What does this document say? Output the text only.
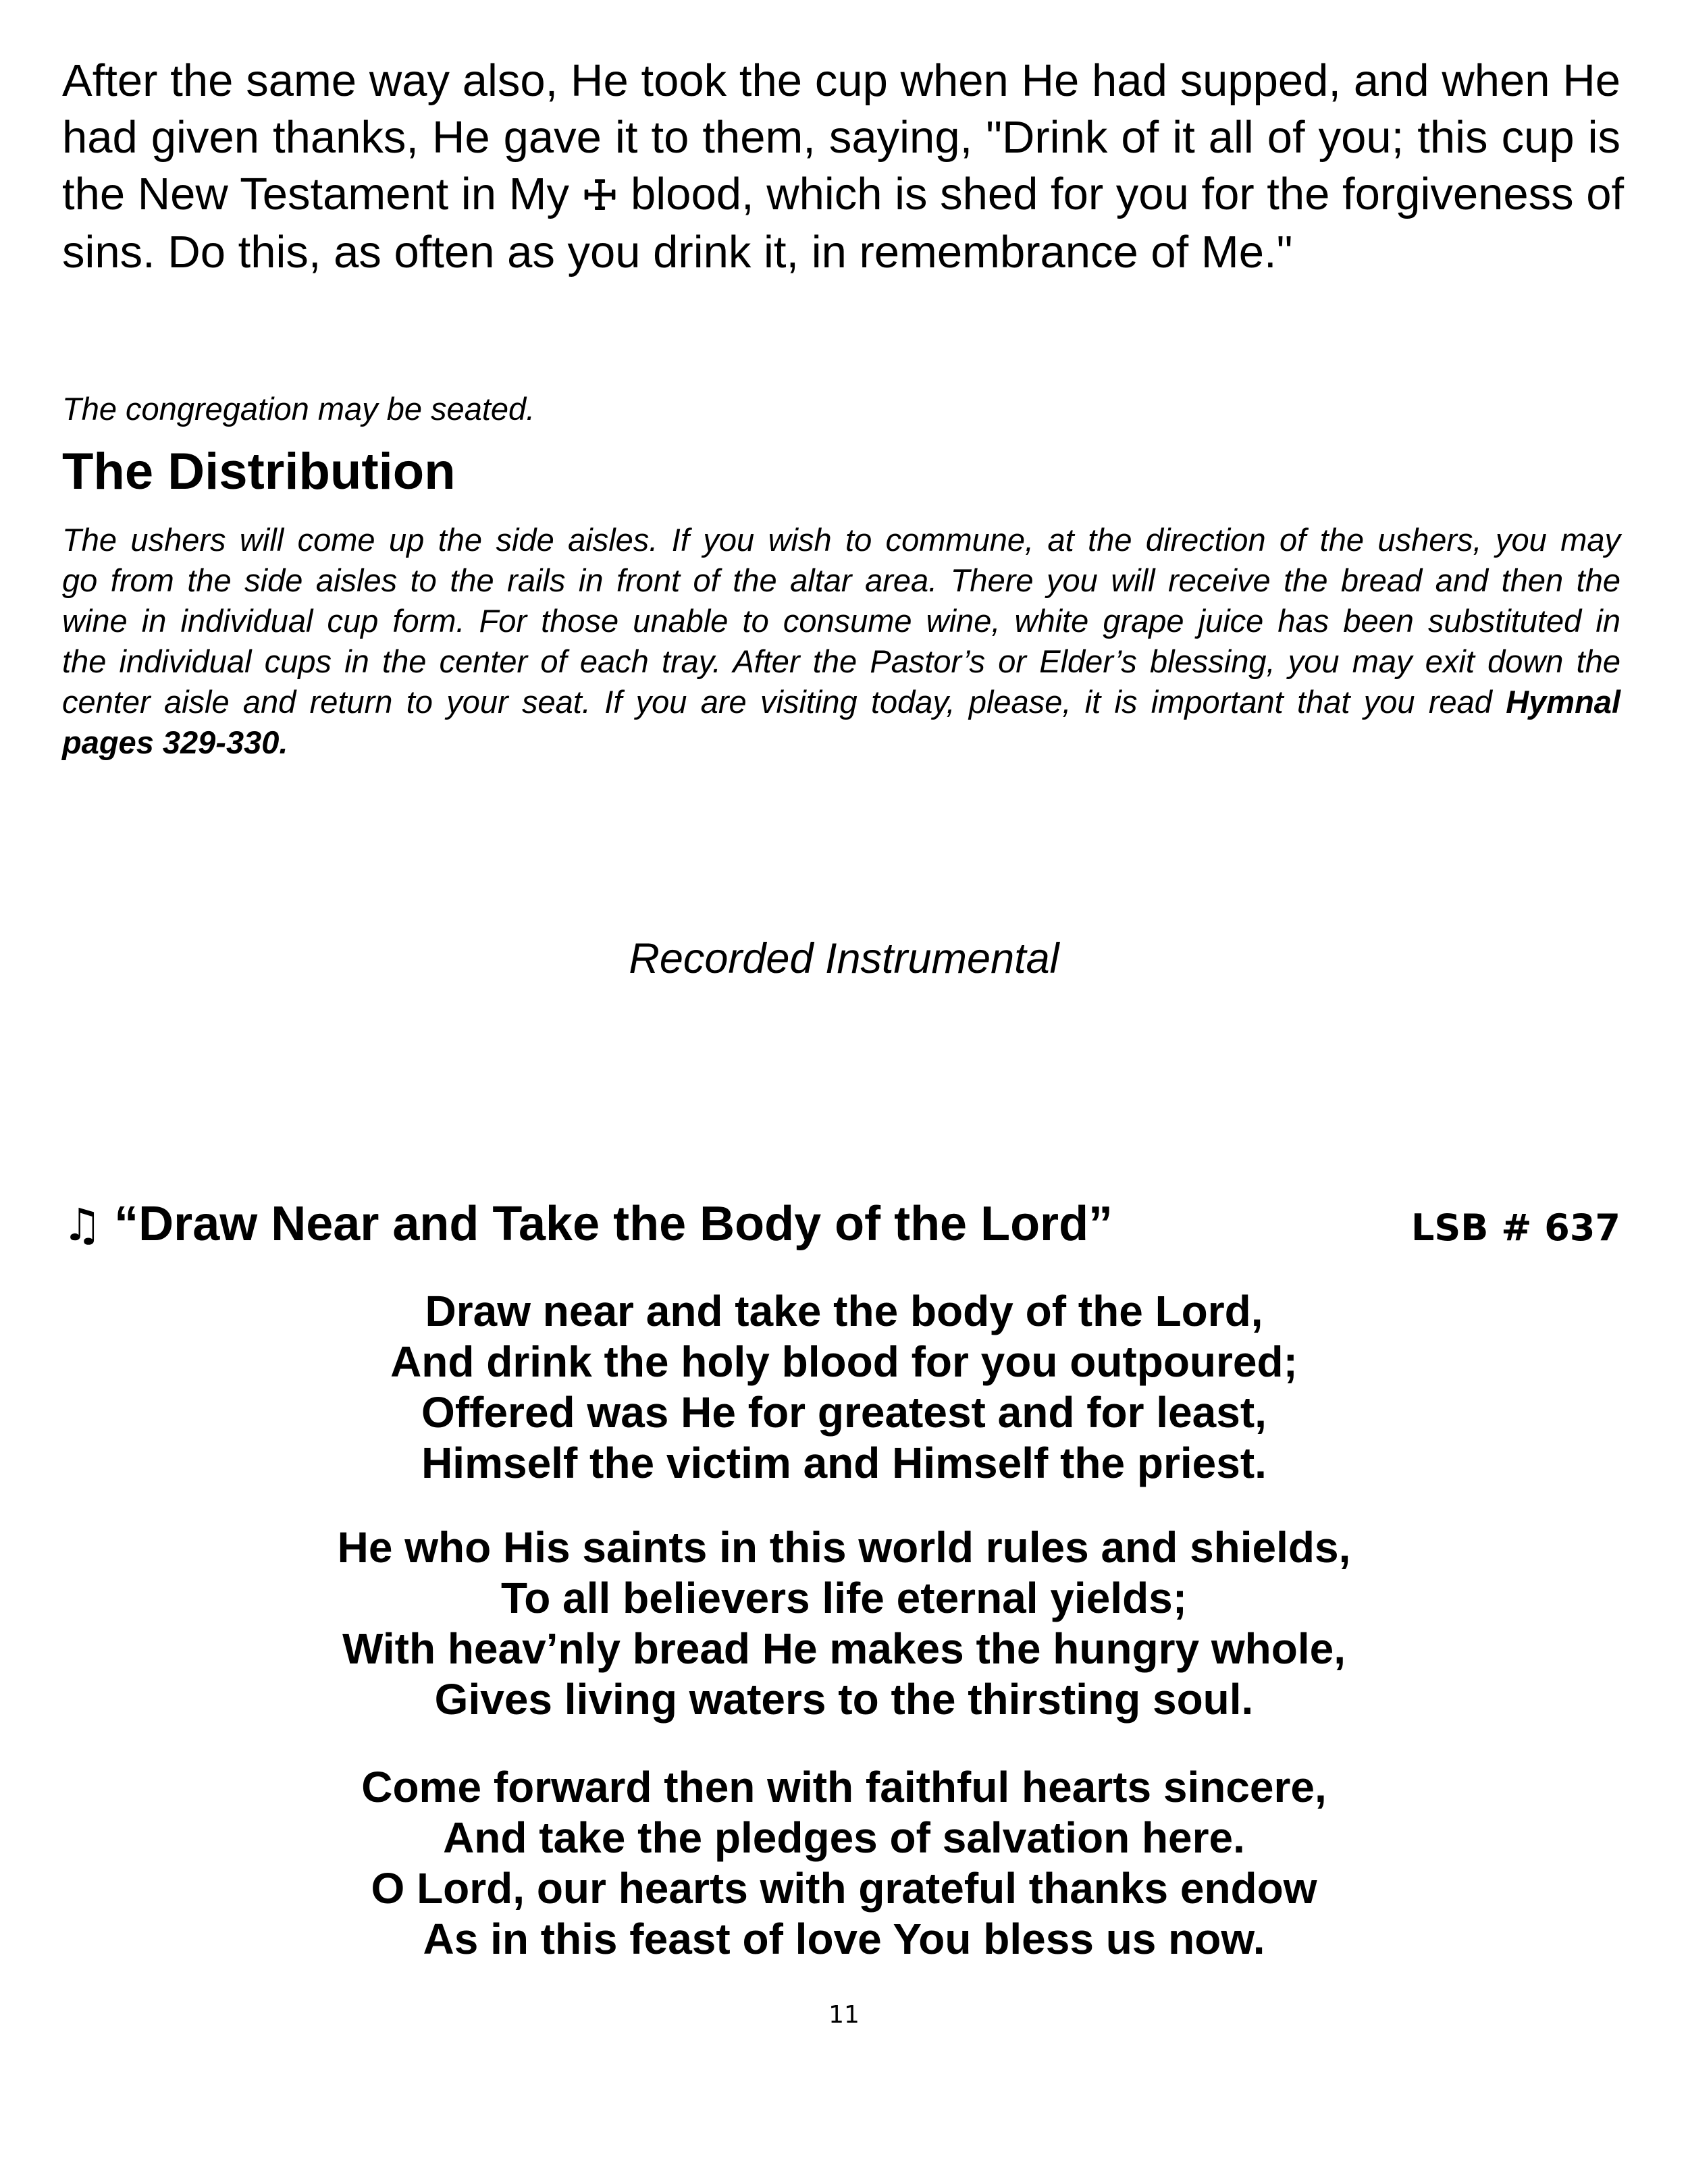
After the same way also, He took the cup when He had supped, and when He
had given thanks, He gave it to them, saying, "Drink of it all of you; this cup is
the New Testament in My ☩ blood, which is shed for you for the forgiveness of
sins. Do this, as often as you drink it, in remembrance of Me."
The congregation may be seated.
The Distribution
The ushers will come up the side aisles. If you wish to commune, at the direction of the ushers, you may
go from the side aisles to the rails in front of the altar area. There you will receive the bread and then the
wine in individual cup form. For those unable to consume wine, white grape juice has been substituted in
the individual cups in the center of each tray. After the Pastor’s or Elder’s blessing, you may exit down the
center aisle and return to your seat. If you are visiting today, please, it is important that you read Hymnal
pages 329-330.
Recorded Instrumental
♫ “Draw Near and Take the Body of the Lord”	LSB # 637
Draw near and take the body of the Lord,
And drink the holy blood for you outpoured;
Offered was He for greatest and for least,
Himself the victim and Himself the priest.
He who His saints in this world rules and shields,
To all believers life eternal yields;
With heav’nly bread He makes the hungry whole,
Gives living waters to the thirsting soul.
Come forward then with faithful hearts sincere,
And take the pledges of salvation here.
O Lord, our hearts with grateful thanks endow
As in this feast of love You bless us now.
11
